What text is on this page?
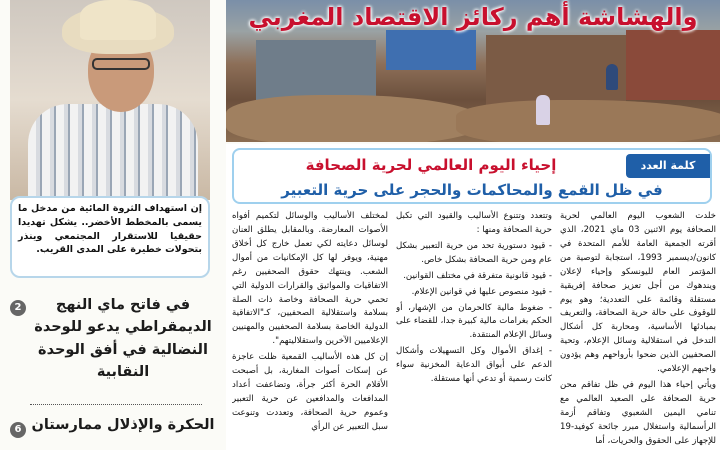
والهشاشة أهم ركائز الاقتصاد المغربي

إن استهداف الثروة المائية من مدخل ما يسمى بالمخطط الأخضر.. يشكل تهديدا حقيقيا للاستقرار المجتمعي وينذر بتحولات خطيرة على المدى القريب.

2	في فاتح ماي النهج الديمقراطي يدعو للوحدة النضالية في أفق الوحدة النقابية
6 الحكرة والإذلال ممارستان
كلمة العدد
إحياء اليوم العالمي لحرية الصحافة
في ظل القمع والمحاكمات والحجر على حرية التعبير

خلدت الشعوب اليوم العالمي لحرية الصحافة يوم الاثنين 03 ماي 2021، الذي أقرته الجمعية العامة للأمم المتحدة في كانون/ديسمبر 1993، استجابة لتوصية من المؤتمر العام لليونسكو وإحياء لإعلان ويندهوك من أجل تعزيز صحافة إفريقية مستقلة وقائمة على التعددية؛ وهو يوم للوقوف على حالة حرية الصحافة، والتعريف بمبادئها الأساسية، ومحاربة كل أشكال التدخل في استقلالية وسائل الإعلام، وتحية الصحفيين الذين ضحوا بأرواحهم وهم يؤدون واجبهم الإعلامي.

ويأتي إحياء هذا اليوم في ظل تفاقم محن حرية الصحافة على الصعيد العالمي مع تنامي اليمين الشعبوي وتفاقم أزمة الرأسمالية واستغلال مبرر جائحة كوفيد-19 للإجهاز على الحقوق والحريات، أما

وتتعدد وتتنوع الأساليب والقيود التي تكبل حرية الصحافة ومنها :

- قيود دستورية تحد من حرية التعبير بشكل عام ومن حرية الصحافة بشكل خاص.

- قيود قانونية متفرقة في مختلف القوانين.

- قيود منصوص عليها في قوانين الإعلام.

- ضغوط مالية كالحرمان من الإشهار، أو الحكم بغرامات مالية كبيرة جدا، للقضاء على وسائل الإعلام المنتقدة.

- إغداق الأموال وكل التسهيلات وأشكال الدعم على أبواق الدعاية المخزنية سواء كانت رسمية أو تدعي أنها مستقلة.

لمختلف الأساليب والوسائل لتكميم أفواه الأصوات المعارضة. وبالمقابل يطلق العنان لوسائل دعايته لكي تعمل خارج كل أخلاق مهنية، ويوفر لها كل الإمكانيات من أموال الشعب. وينتهك حقوق الصحفيين رغم الاتفاقيات والمواثيق والقرارات الدولية التي تحمي حرية الصحافة وخاصة ذات الصلة بسلامة واستقلالية الصحفيين، كـ"الاتفاقية الدولية الخاصة بسلامة الصحفيين والمهنيين الإعلاميين الآخرين واستقلاليتهم".

إن كل هذه الأساليب القمعية ظلت عاجزة عن إسكات أصوات المغاربة، بل أصبحت الأقلام الحرة أكثر جرأة، وتضاعفت أعداد المدافعات والمدافعين عن حرية التعبير وعموم حرية الصحافة، وتعددت وتنوعت سبل التعبير عن الرأي
